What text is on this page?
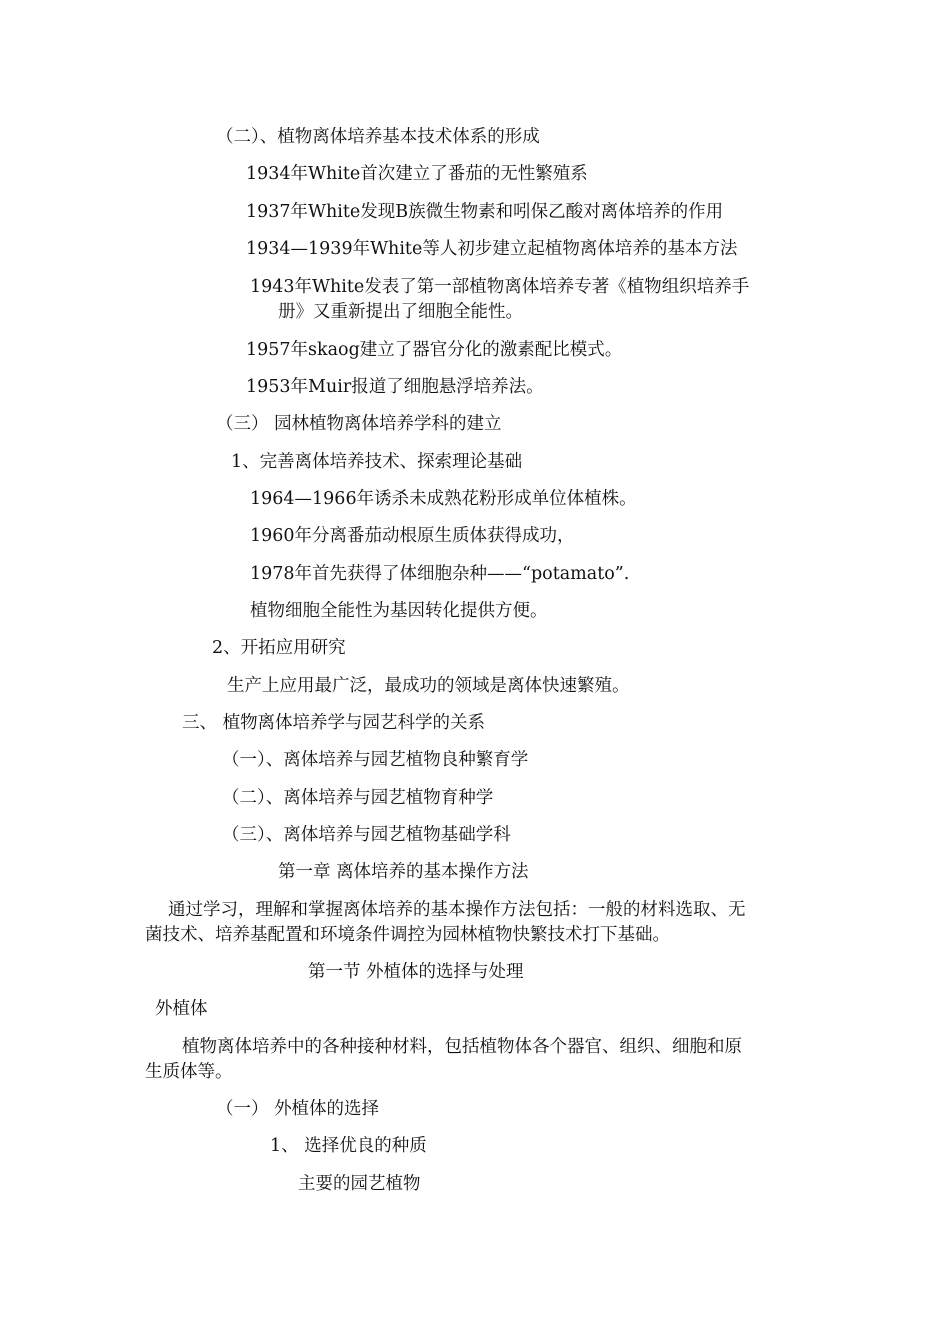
（二）、植物离体培养基本技术体系的形成
1934年White首次建立了番茄的无性繁殖系
1937年White发现B族微生物素和吲保乙酸对离体培养的作用
1934—1939年White等人初步建立起植物离体培养的基本方法
1943年White发表了第一部植物离体培养专著《植物组织培养手
册》又重新提出了细胞全能性。
1957年skaog建立了器官分化的激素配比模式。
1953年Muir报道了细胞悬浮培养法。
（三） 园林植物离体培养学科的建立
1、完善离体培养技术、探索理论基础
1964—1966年诱杀未成熟花粉形成单位体植株。
1960年分离番茄动根原生质体获得成功，
1978年首先获得了体细胞杂种——“potamato”.
植物细胞全能性为基因转化提供方便。
2、开拓应用研究
生产上应用最广泛，最成功的领域是离体快速繁殖。
三、 植物离体培养学与园艺科学的关系
（一）、离体培养与园艺植物良种繁育学
（二）、离体培养与园艺植物育种学
（三）、离体培养与园艺植物基础学科
第一章 离体培养的基本操作方法
通过学习，理解和掌握离体培养的基本操作方法包括：一般的材料选取、无
菌技术、培养基配置和环境条件调控为园林植物快繁技术打下基础。
第一节 外植体的选择与处理
外植体
植物离体培养中的各种接种材料，包括植物体各个器官、组织、细胞和原
生质体等。
（一） 外植体的选择
1、 选择优良的种质
主要的园艺植物
